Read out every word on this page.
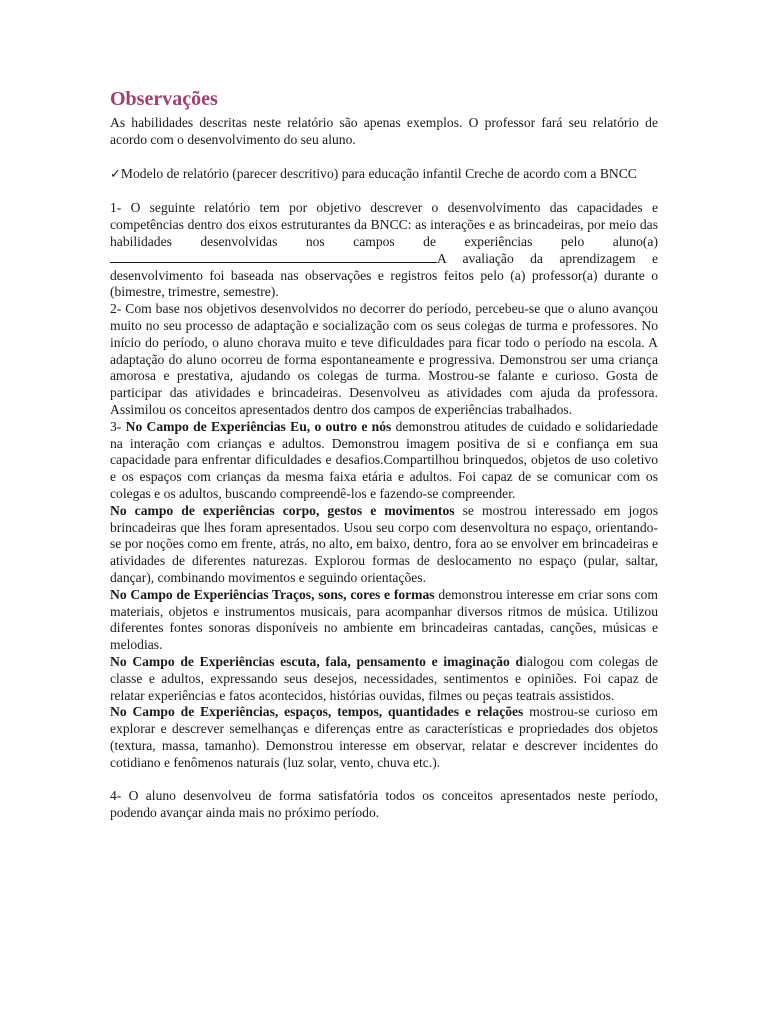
Observações

As habilidades descritas neste relatório são apenas exemplos. O professor fará seu relatório de acordo com o desenvolvimento do seu aluno.

✓Modelo de relatório (parecer descritivo) para educação infantil Creche de acordo com a BNCC

1- O seguinte relatório tem por objetivo descrever o desenvolvimento das capacidades e competências dentro dos eixos estruturantes da BNCC: as interações e as brincadeiras, por meio das habilidades desenvolvidas nos campos de experiências pelo aluno(a)A avaliação da aprendizagem e desenvolvimento foi baseada nas observações e registros feitos pelo (a) professor(a) durante o (bimestre, trimestre, semestre).

2- Com base nos objetivos desenvolvidos no decorrer do período, percebeu-se que o aluno avançou muito no seu processo de adaptação e socialização com os seus colegas de turma e professores. No início do período, o aluno chorava muito e teve dificuldades para ficar todo o período na escola. A adaptação do aluno ocorreu de forma espontaneamente e progressiva. Demonstrou ser uma criança amorosa e prestativa, ajudando os colegas de turma. Mostrou-se falante e curioso. Gosta de participar das atividades e brincadeiras. Desenvolveu as atividades com ajuda da professora. Assimilou os conceitos apresentados dentro dos campos de experiências trabalhados.

3- No Campo de Experiências Eu, o outro e nós demonstrou atitudes de cuidado e solidariedade na interação com crianças e adultos. Demonstrou imagem positiva de si e confiança em sua capacidade para enfrentar dificuldades e desafios.Compartilhou brinquedos, objetos de uso coletivo e os espaços com crianças da mesma faixa etária e adultos. Foi capaz de se comunicar com os colegas e os adultos, buscando compreendê-los e fazendo-se compreender.

No campo de experiências corpo, gestos e movimentos se mostrou interessado em jogos brincadeiras que lhes foram apresentados. Usou seu corpo com desenvoltura no espaço, orientando-se por noções como em frente, atrás, no alto, em baixo, dentro, fora ao se envolver em brincadeiras e atividades de diferentes naturezas. Explorou formas de deslocamento no espaço (pular, saltar, dançar), combinando movimentos e seguindo orientações.

No Campo de Experiências Traços, sons, cores e formas demonstrou interesse em criar sons com materiais, objetos e instrumentos musicais, para acompanhar diversos ritmos de música. Utilizou diferentes fontes sonoras disponíveis no ambiente em brincadeiras cantadas, canções, músicas e melodias.

No Campo de Experiências escuta, fala, pensamento e imaginação dialogou com colegas de classe e adultos, expressando seus desejos, necessidades, sentimentos e opiniões. Foi capaz de relatar experiências e fatos acontecidos, histórias ouvidas, filmes ou peças teatrais assistidos.

No Campo de Experiências, espaços, tempos, quantidades e relações mostrou-se curioso em explorar e descrever semelhanças e diferenças entre as características e propriedades dos objetos (textura, massa, tamanho). Demonstrou interesse em observar, relatar e descrever incidentes do cotidiano e fenômenos naturais (luz solar, vento, chuva etc.).

4- O aluno desenvolveu de forma satisfatória todos os conceitos apresentados neste período, podendo avançar ainda mais no próximo período.
